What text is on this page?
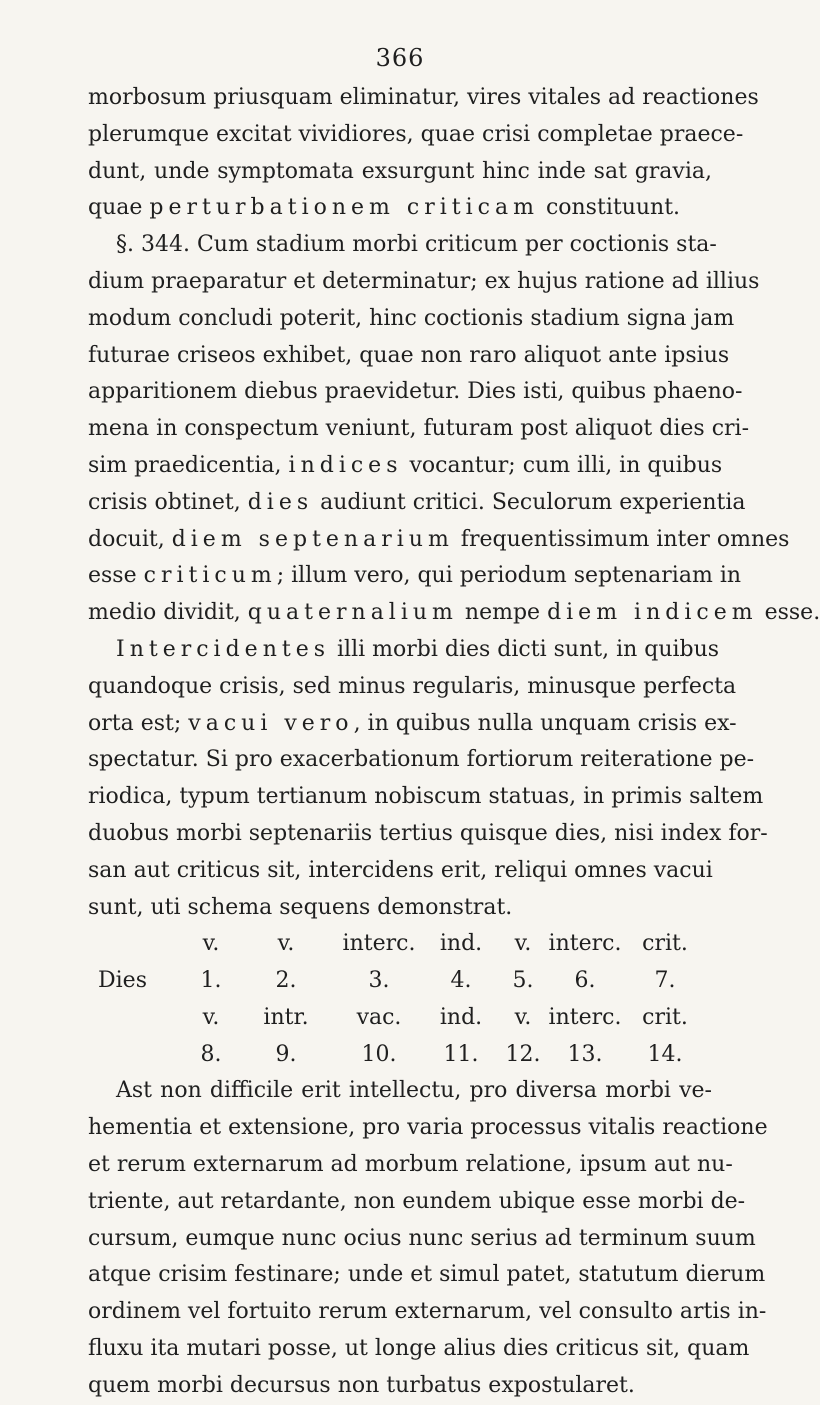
366
morbosum priusquam eliminatur, vires vitales ad reactiones
plerumque excitat vividiores, quae crisi completae praece-
dunt, unde symptomata exsurgunt hinc inde sat gravia,
quae perturbationem criticam constituunt.
§. 344. Cum stadium morbi criticum per coctionis sta-
dium praeparatur et determinatur; ex hujus ratione ad illius
modum concludi poterit, hinc coctionis stadium signa jam
futurae criseos exhibet, quae non raro aliquot ante ipsius
apparitionem diebus praevidetur. Dies isti, quibus phaeno-
mena in conspectum veniunt, futuram post aliquot dies cri-
sim praedicentia, indices vocantur; cum illi, in quibus
crisis obtinet, dies audiunt critici. Seculorum experientia
docuit, diem septenarium frequentissimum inter omnes
esse criticum; illum vero, qui periodum septenariam in
medio dividit, quaternalium nempe diem indicem esse.
Intercidentes illi morbi dies dicti sunt, in quibus
quandoque crisis, sed minus regularis, minusque perfecta
orta est; vacui vero, in quibus nulla unquam crisis ex-
spectatur. Si pro exacerbationum fortiorum reiteratione pe-
riodica, typum tertianum nobiscum statuas, in primis saltem
duobus morbi septenariis tertius quisque dies, nisi index for-
san aut criticus sit, intercidens erit, reliqui omnes vacui
sunt, uti schema sequens demonstrat.
v.	v.	interc.	ind.	v. interc. crit.
Dies	1.	2.	3.	4.	5.	6.	7.
v.	intr.	vac.	ind.	v. interc. crit.
8.	9.	10.	11.	12.	13.	14.
Ast non difficile erit intellectu, pro diversa morbi ve-
hementia et extensione, pro varia processus vitalis reactione
et rerum externarum ad morbum relatione, ipsum aut nu-
triente, aut retardante, non eundem ubique esse morbi de-
cursum, eumque nunc ocius nunc serius ad terminum suum
atque crisim festinare; unde et simul patet, statutum dierum
ordinem vel fortuito rerum externarum, vel consulto artis in-
fluxu ita mutari posse, ut longe alius dies criticus sit, quam
quem morbi decursus non turbatus expostularet.
